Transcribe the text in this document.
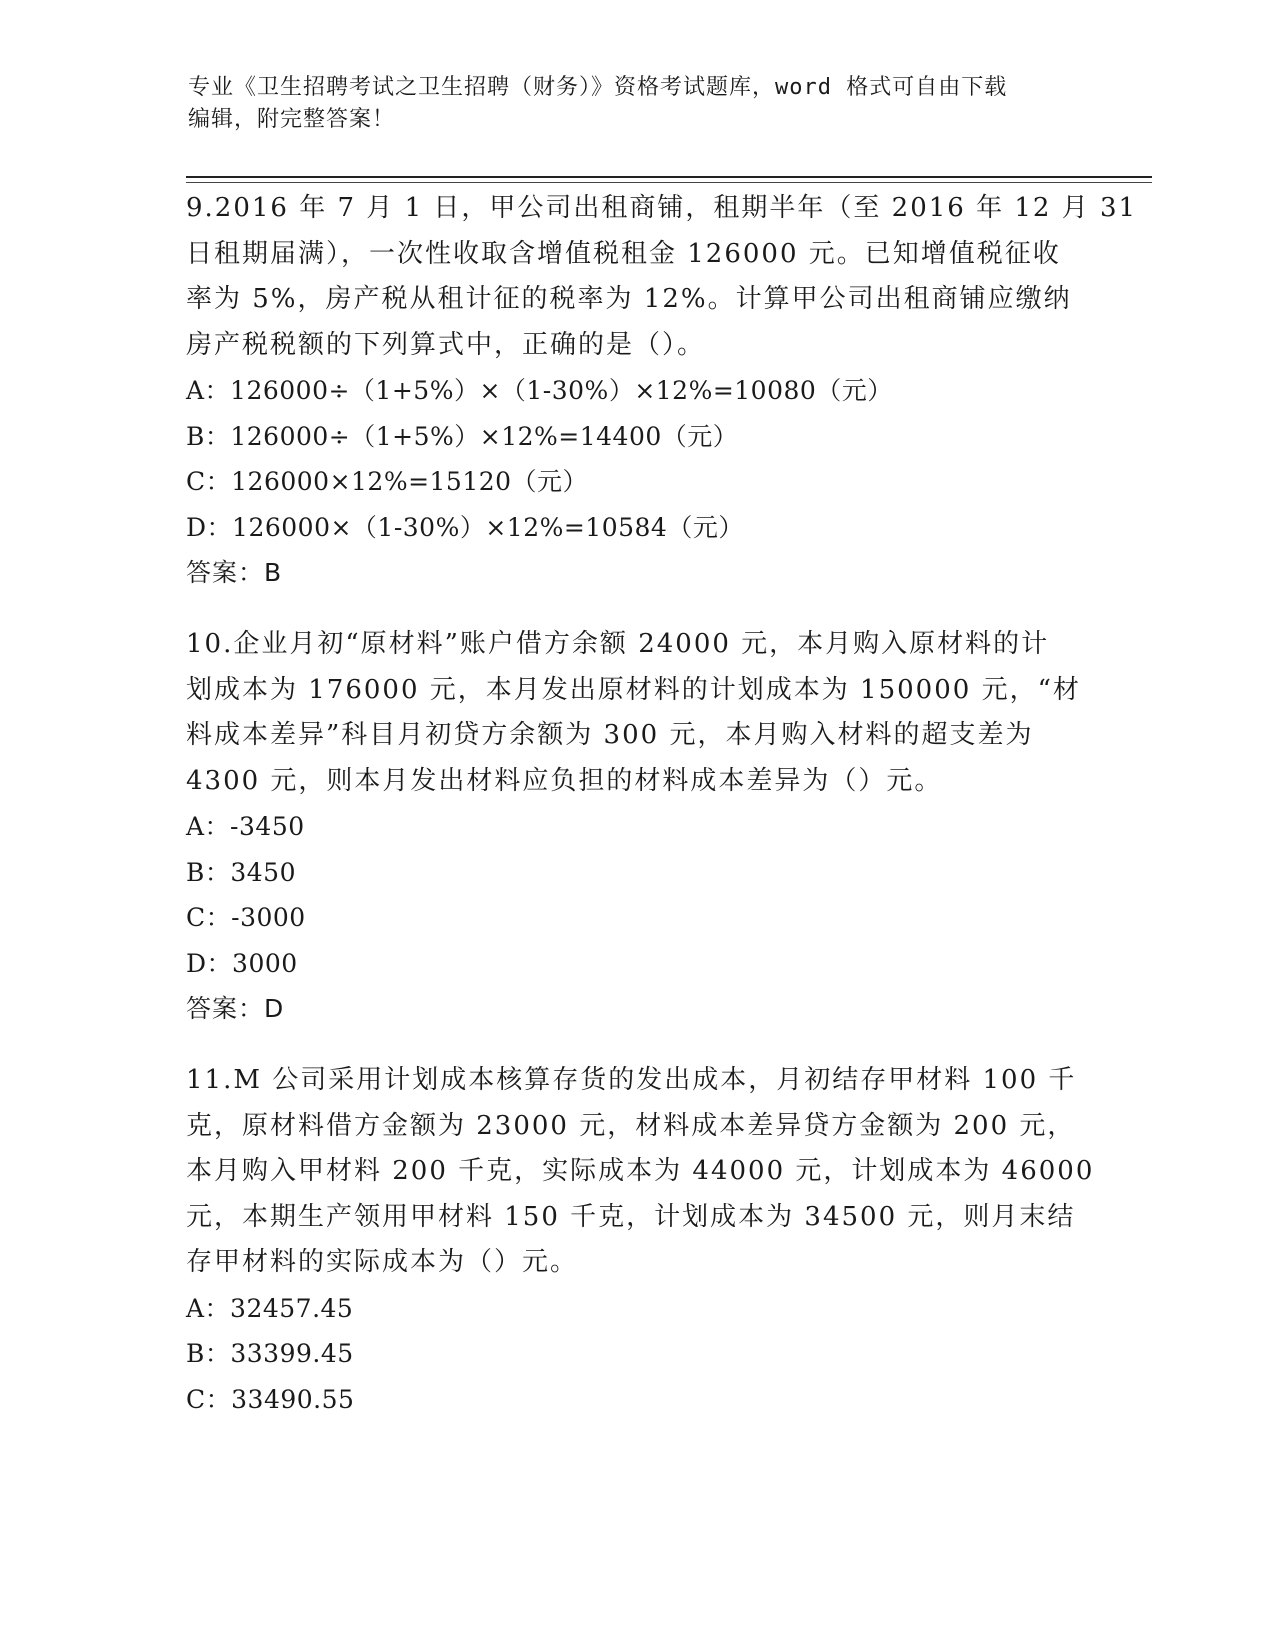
专业《卫生招聘考试之卫生招聘（财务）》资格考试题库，word 格式可自由下载

编辑，附完整答案！

9.2016 年 7 月 1 日，甲公司出租商铺，租期半年（至 2016 年 12 月 31
日租期届满），一次性收取含增值税租金 126000 元。已知增值税征收
率为 5%，房产税从租计征的税率为 12%。计算甲公司出租商铺应缴纳
房产税税额的下列算式中，正确的是（）。
A：126000÷（1+5%）×（1-30%）×12%=10080（元）
B：126000÷（1+5%）×12%=14400（元）
C：126000×12%=15120（元）
D：126000×（1-30%）×12%=10584（元）
答案：B
10.企业月初“原材料”账户借方余额 24000 元，本月购入原材料的计
划成本为 176000 元，本月发出原材料的计划成本为 150000 元，“材
料成本差异”科目月初贷方余额为 300 元，本月购入材料的超支差为
4300 元，则本月发出材料应负担的材料成本差异为（）元。
A：-3450
B：3450
C：-3000
D：3000
答案：D
11.M 公司采用计划成本核算存货的发出成本，月初结存甲材料 100 千
克，原材料借方金额为 23000 元，材料成本差异贷方金额为 200 元，
本月购入甲材料 200 千克，实际成本为 44000 元，计划成本为 46000
元，本期生产领用甲材料 150 千克，计划成本为 34500 元，则月末结
存甲材料的实际成本为（）元。
A：32457.45
B：33399.45
C：33490.55
